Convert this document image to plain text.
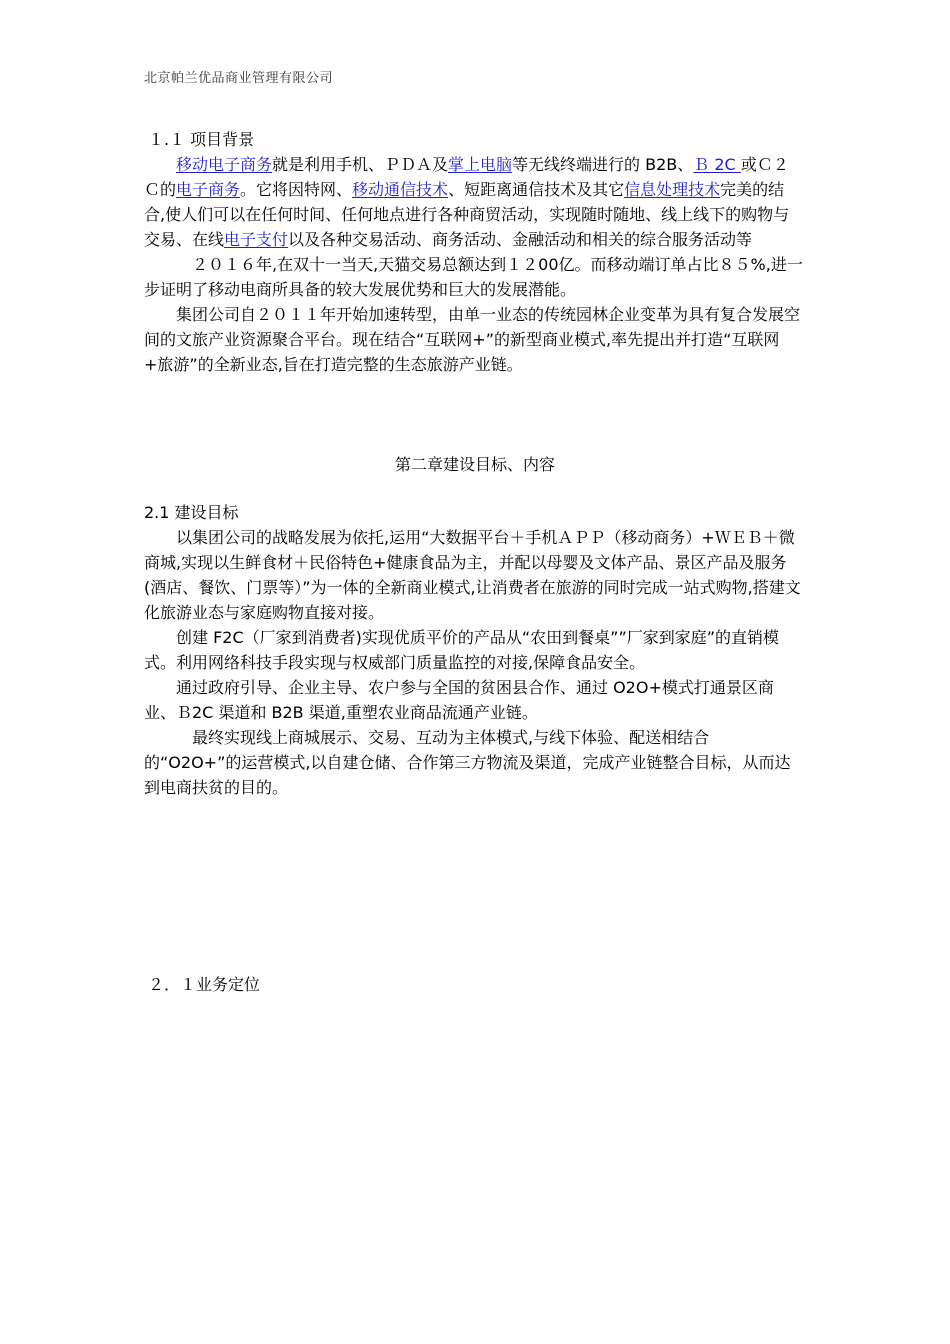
北京帕兰优品商业管理有限公司
１.１ 项目背景

移动电子商务就是利用手机、ＰＤＡ及掌上电脑等无线终端进行的 B2B、Ｂ 2C 或Ｃ２Ｃ的电子商务。它将因特网、移动通信技术、短距离通信技术及其它信息处理技术完美的结合,使人们可以在任何时间、任何地点进行各种商贸活动，实现随时随地、线上线下的购物与交易、在线电子支付以及各种交易活动、商务活动、金融活动和相关的综合服务活动等

２０１６年,在双十一当天,天猫交易总额达到１２00亿。而移动端订单占比８５%,进一步证明了移动电商所具备的较大发展优势和巨大的发展潜能。

集团公司自２０１１年开始加速转型，由单一业态的传统园林企业变革为具有复合发展空间的文旅产业资源聚合平台。现在结合“互联网+”的新型商业模式,率先提出并打造“互联网+旅游”的全新业态,旨在打造完整的生态旅游产业链。

第二章建设目标、内容
2.1 建设目标

以集团公司的战略发展为依托,运用“大数据平台＋手机ＡＰＰ（移动商务）+ＷＥＢ＋微商城,实现以生鲜食材＋民俗特色+健康食品为主，并配以母婴及文体产品、景区产品及服务(酒店、餐饮、门票等）”为一体的全新商业模式,让消费者在旅游的同时完成一站式购物,搭建文化旅游业态与家庭购物直接对接。

创建 F2C（厂家到消费者)实现优质平价的产品从“农田到餐桌””厂家到家庭”的直销模式。利用网络科技手段实现与权威部门质量监控的对接,保障食品安全。

通过政府引导、企业主导、农户参与全国的贫困县合作、通过 O2O+模式打通景区商业、Ｂ2C 渠道和 B2B 渠道,重塑农业商品流通产业链。

最终实现线上商城展示、交易、互动为主体模式,与线下体验、配送相结合的“O2O+”的运营模式,以自建仓储、合作第三方物流及渠道，完成产业链整合目标，从而达到电商扶贫的目的。

２．１业务定位
